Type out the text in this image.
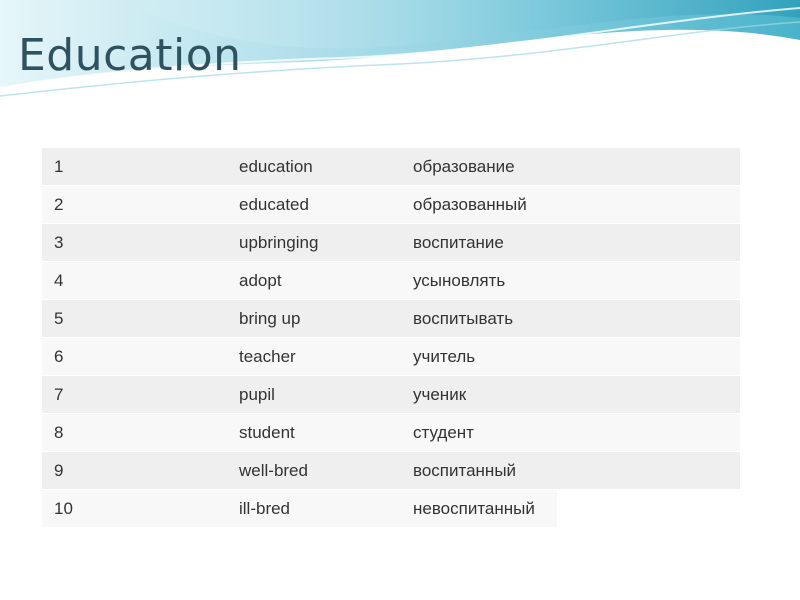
Education
1	education	образование
2	educated	образованный
3	upbringing	воспитание
4	adopt	усыновлять
5	bring up	воспитывать
6	teacher	учитель
7	pupil	ученик
8	student	студент
9	well-bred	воспитанный
10	ill-bred	невоспитанный
